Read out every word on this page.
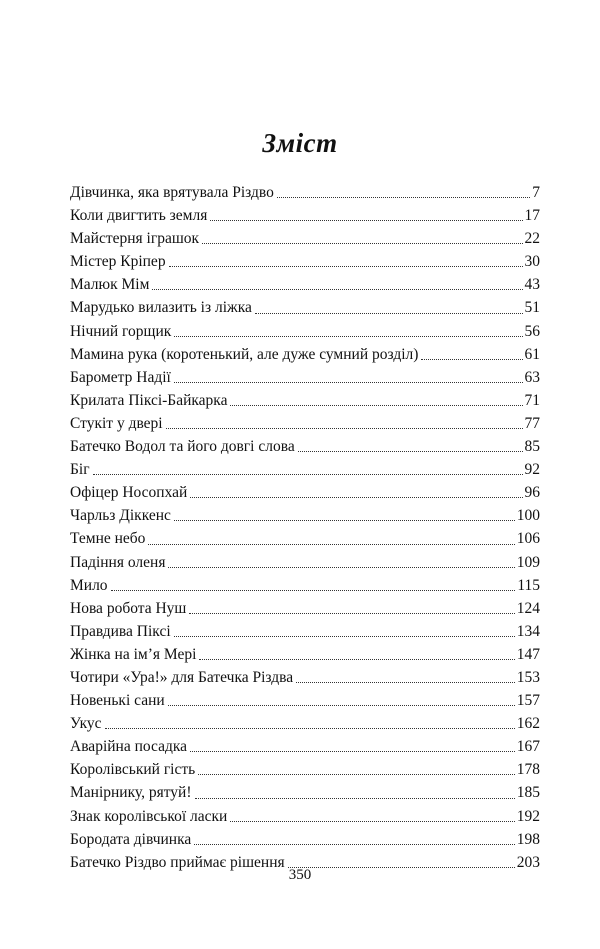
Зміст
Дівчинка, яка врятувала Різдво	7
Коли двигтить земля	17
Майстерня іграшок	22
Містер Кріпер	30
Малюк Мім	43
Марудько вилазить із ліжка	51
Нічний горщик	56
Мамина рука (коротенький, але дуже сумний розділ)	61
Барометр Надії	63
Крилата Піксі-Байкарка	71
Стукіт у двері	77
Батечко Водол та його довгі слова	85
Біг	92
Офіцер Носопхай	96
Чарльз Діккенс	100
Темне небо	106
Падіння оленя	109
Мило	115
Нова робота Нуш	124
Правдива Піксі	134
Жінка на ім’я Мері	147
Чотири «Ура!» для Батечка Різдва	153
Новенькі сани	157
Укус	162
Аварійна посадка	167
Королівський гість	178
Манірнику, рятуй!	185
Знак королівської ласки	192
Бородата дівчинка	198
Батечко Різдво приймає рішення	203
350
